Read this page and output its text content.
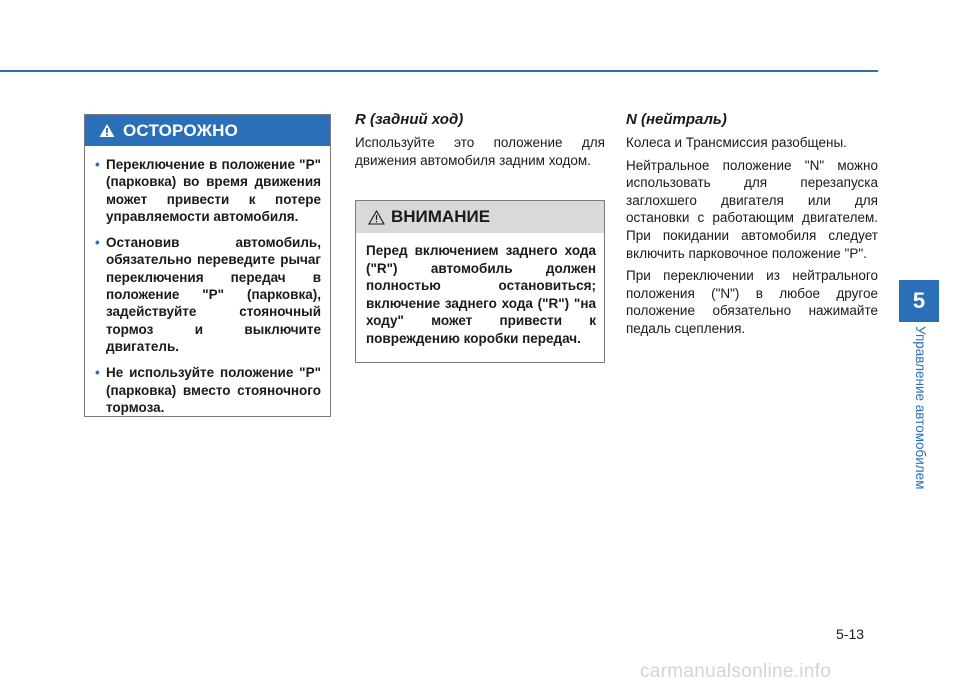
ОСТОРОЖНО
• Переключение в положение "P" (парковка) во время движения может привести к потере управляемости автомобиля.
• Остановив автомобиль, обязательно переведите рычаг переключения передач в положение "P" (парковка), задействуйте стояночный тормоз и выключите двигатель.
• Не используйте положение "P" (парковка) вместо стояночного тормоза.
R (задний ход)

Используйте это положение для движения автомобиля задним ходом.

ВНИМАНИЕ

Перед включением заднего хода ("R") автомобиль должен полностью остановиться; включение заднего хода ("R") "на ходу" может привести к повреждению коробки передач.

N (нейтраль)

Колеса и Трансмиссия разобщены.

Нейтральное положение "N" можно использовать для перезапуска заглохшего двигателя или для остановки с работающим двигателем. При покидании автомобиля следует включить парковочное положение "P".

При переключении из нейтрального положения ("N") в любое другое положение обязательно нажимайте педаль сцепления.

5
Управление автомобилем
5-13
carmanualsonline.info
